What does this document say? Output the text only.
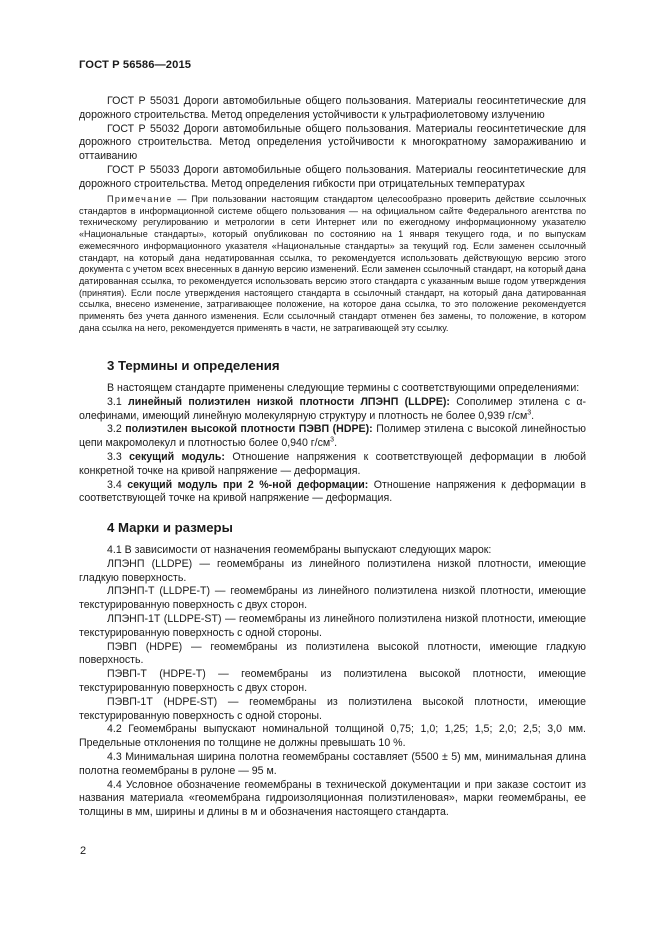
ГОСТ Р 56586—2015

ГОСТ Р 55031 Дороги автомобильные общего пользования. Материалы геосинтетические для дорожного строительства. Метод определения устойчивости к ультрафиолетовому излучению

ГОСТ Р 55032 Дороги автомобильные общего пользования. Материалы геосинтетические для дорожного строительства. Метод определения устойчивости к многократному замораживанию и оттаиванию

ГОСТ Р 55033 Дороги автомобильные общего пользования. Материалы геосинтетические для дорожного строительства. Метод определения гибкости при отрицательных температурах

Примечание — При пользовании настоящим стандартом целесообразно проверить действие ссылочных стандартов в информационной системе общего пользования — на официальном сайте Федерального агентства по техническому регулированию и метрологии в сети Интернет или по ежегодному информационному указателю «Национальные стандарты», который опубликован по состоянию на 1 января текущего года, и по выпускам ежемесячного информационного указателя «Национальные стандарты» за текущий год. Если заменен ссылочный стандарт, на который дана недатированная ссылка, то рекомендуется использовать действующую версию этого документа с учетом всех внесенных в данную версию изменений. Если заменен ссылочный стандарт, на который дана датированная ссылка, то рекомендуется использовать версию этого стандарта с указанным выше годом утверждения (принятия). Если после утверждения настоящего стандарта в ссылочный стандарт, на который дана датированная ссылка, внесено изменение, затрагивающее положение, на которое дана ссылка, то это положение рекомендуется применять без учета данного изменения. Если ссылочный стандарт отменен без замены, то положение, в котором дана ссылка на него, рекомендуется применять в части, не затрагивающей эту ссылку.

3 Термины и определения

В настоящем стандарте применены следующие термины с соответствующими определениями:

3.1 линейный полиэтилен низкой плотности ЛПЭНП (LLDPE): Сополимер этилена с α-олефинами, имеющий линейную молекулярную структуру и плотность не более 0,939 $г/см^3$.

3.2 полиэтилен высокой плотности ПЭВП (HDPE): Полимер этилена с высокой линейностью цепи макромолекул и плотностью более 0,940 $г/см^3$.

3.3 секущий модуль: Отношение напряжения к соответствующей деформации в любой конкретной точке на кривой напряжение — деформация.

3.4 секущий модуль при 2 %-ной деформации: Отношение напряжения к деформации в соответствующей точке на кривой напряжение — деформация.

4 Марки и размеры

4.1 В зависимости от назначения геомембраны выпускают следующих марок:

ЛПЭНП (LLDPE) — геомембраны из линейного полиэтилена низкой плотности, имеющие гладкую поверхность.

ЛПЭНП-Т (LLDPE-T) — геомембраны из линейного полиэтилена низкой плотности, имеющие текстурированную поверхность с двух сторон.

ЛПЭНП-1Т (LLDPE-ST) — геомембраны из линейного полиэтилена низкой плотности, имеющие текстурированную поверхность с одной стороны.

ПЭВП (HDPE) — геомембраны из полиэтилена высокой плотности, имеющие гладкую поверхность.

ПЭВП-Т (HDPE-T) — геомембраны из полиэтилена высокой плотности, имеющие текстурированную поверхность с двух сторон.

ПЭВП-1Т (HDPE-ST) — геомембраны из полиэтилена высокой плотности, имеющие текстурированную поверхность с одной стороны.

4.2 Геомембраны выпускают номинальной толщиной 0,75; 1,0; 1,25; 1,5; 2,0; 2,5; 3,0 мм. Предельные отклонения по толщине не должны превышать 10 %.

4.3 Минимальная ширина полотна геомембраны составляет (5500 ± 5) мм, минимальная длина полотна геомембраны в рулоне — 95 м.

4.4 Условное обозначение геомембраны в технической документации и при заказе состоит из названия материала «геомембрана гидроизоляционная полиэтиленовая», марки геомембраны, ее толщины в мм, ширины и длины в м и обозначения настоящего стандарта.

2
